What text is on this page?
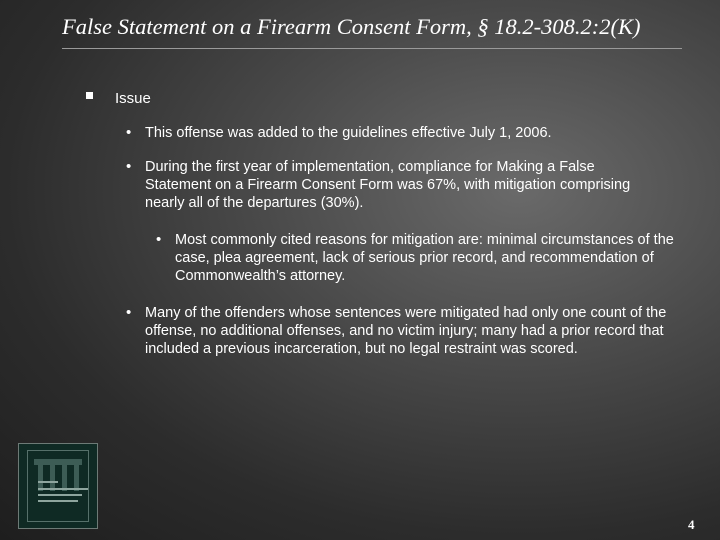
False Statement on a Firearm Consent Form, § 18.2-308.2:2(K)
Issue
• This offense was added to the guidelines effective July 1, 2006.
• During the first year of implementation, compliance for Making a False Statement on a Firearm Consent Form was 67%, with mitigation comprising nearly all of the departures (30%).
• Most commonly cited reasons for mitigation are: minimal circumstances of the case, plea agreement, lack of serious prior record, and recommendation of Commonwealth’s attorney.
• Many of the offenders whose sentences were mitigated had only one count of the offense, no additional offenses, and no victim injury; many had a prior record that included a previous incarceration, but no legal restraint was scored.
4
